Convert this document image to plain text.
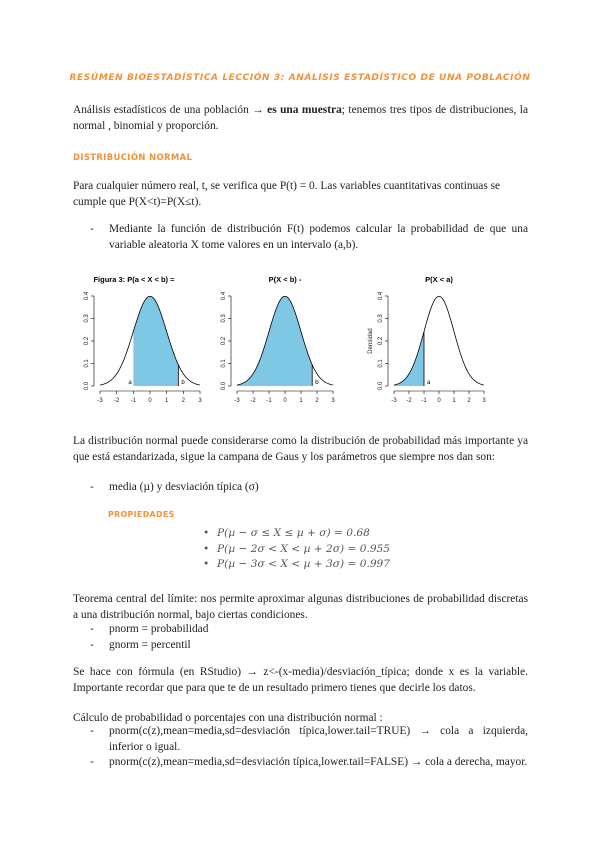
RESÚMEN BIOESTADÍSTICA LECCIÓN 3: ANÁLISIS ESTADÍSTICO DE UNA POBLACIÓN
Análisis estadísticos de una población → es una muestra; tenemos tres tipos de distribuciones, la normal , binomial y proporción.
DISTRIBUCIÓN NORMAL
Para cualquier número real, t, se verifica que P(t) = 0. Las variables cuantitativas continuas se cumple que P(X<t)=P(X≤t).
- Mediante la función de distribución F(t) podemos calcular la probabilidad de que una variable aleatoria X tome valores en un intervalo (a,b).
Figura 3: P(a < X < b) =
0.0
0.1
0.2
0.3
0.4
-3 -2 -1 0 1 2 3
a	b
P(X < b) -
0.0
0.1
0.2
0.3
0.4
-3 -2 -1 0 1 2 3
b
P(X < a)
0.0
0.1
0.2
0.3
0.4
Densidad
-3 -2 -1 0 1 2 3
a
La distribución normal puede considerarse como la distribución de probabilidad más importante ya que está estandarizada, sigue la campana de Gaus y los parámetros que siempre nos dan son:
- media (µ) y desviación típica (σ)
PROPIEDADES
• P(µ − σ ≤ X ≤ µ + σ) = 0.68
• P(µ − 2σ < X < µ + 2σ) = 0.955
• P(µ − 3σ < X < µ + 3σ) = 0.997
Teorema central del límite: nos permite aproximar algunas distribuciones de probabilidad discretas a una distribución normal, bajo ciertas condiciones.
- pnorm = probabilidad
- gnorm = percentil
Se hace con fórmula (en RStudio) → z<-(x-media)/desviación_típica; donde x es la variable. Importante recordar que para que te de un resultado primero tienes que decirle los datos.
Cálculo de probabilidad o porcentajes con una distribución normal :
- pnorm(c(z),mean=media,sd=desviación típica,lower.tail=TRUE) → cola a izquierda, inferior o igual.
- pnorm(c(z),mean=media,sd=desviación típica,lower.tail=FALSE) → cola a derecha, mayor.
